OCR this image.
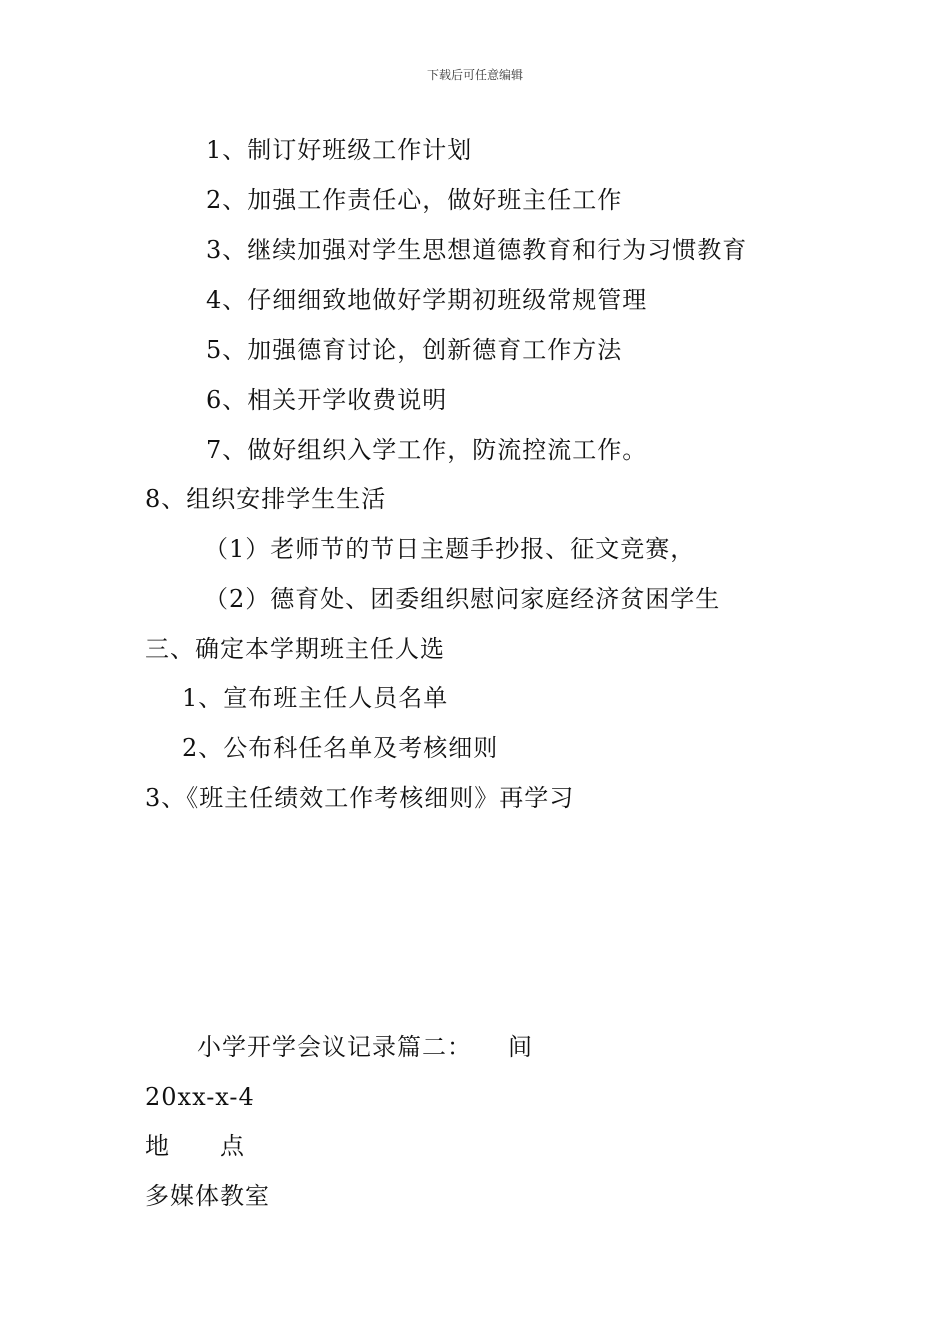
下载后可任意编辑
1、制订好班级工作计划
2、加强工作责任心，做好班主任工作
3、继续加强对学生思想道德教育和行为习惯教育
4、仔细细致地做好学期初班级常规管理
5、加强德育讨论，创新德育工作方法
6、相关开学收费说明
7、做好组织入学工作，防流控流工作。
8、组织安排学生生活
（1）老师节的节日主题手抄报、征文竞赛，
（2）德育处、团委组织慰问家庭经济贫困学生
三、确定本学期班主任人选
1、宣布班主任人员名单
2、公布科任名单及考核细则
3、《班主任绩效工作考核细则》再学习
小学开学会议记录篇二： 间
20xx-x-4
地 点
多媒体教室
